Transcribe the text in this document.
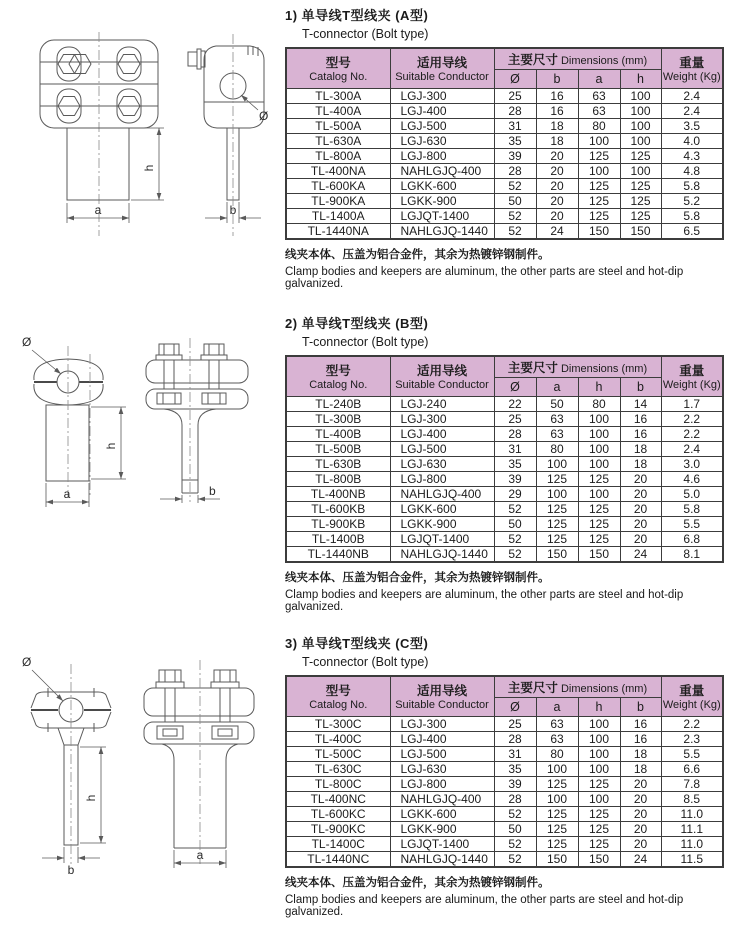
a
h
Ø
b
1) 单导线T型线夹 (A型)
T-connector (Bolt type)
型号
Catalog No.	适用导线
Suitable Conductor	主要尺寸 Dimensions (mm)				重量
Weight (Kg)
		Ø	b	a	h	
TL-300A	LGJ-300	25	16	63	100	2.4
TL-400A	LGJ-400	28	16	63	100	2.4
TL-500A	LGJ-500	31	18	80	100	3.5
TL-630A	LGJ-630	35	18	100	100	4.0
TL-800A	LGJ-800	39	20	125	125	4.3
TL-400NA	NAHLGJQ-400	28	20	100	100	4.8
TL-600KA	LGKK-600	52	20	125	125	5.8
TL-900KA	LGKK-900	50	20	125	125	5.2
TL-1400A	LGJQT-1400	52	20	125	125	5.8
TL-1440NA	NAHLGJQ-1440	52	24	150	150	6.5
线夹本体、压盖为铝合金件，其余为热镀锌钢制件。
Clamp bodies and keepers are aluminum, the other parts are steel and hot-dip galvanized.
Ø
h
a	b
2) 单导线T型线夹 (B型)
T-connector (Bolt type)
型号
Catalog No.	适用导线
Suitable Conductor	主要尺寸 Dimensions (mm)				重量
Weight (Kg)
		Ø	a	h	b	
TL-240B	LGJ-240	22	50	80	14	1.7
TL-300B	LGJ-300	25	63	100	16	2.2
TL-400B	LGJ-400	28	63	100	16	2.2
TL-500B	LGJ-500	31	80	100	18	2.4
TL-630B	LGJ-630	35	100	100	18	3.0
TL-800B	LGJ-800	39	125	125	20	4.6
TL-400NB	NAHLGJQ-400	29	100	100	20	5.0
TL-600KB	LGKK-600	52	125	125	20	5.8
TL-900KB	LGKK-900	50	125	125	20	5.5
TL-1400B	LGJQT-1400	52	125	125	20	6.8
TL-1440NB	NAHLGJQ-1440	52	150	150	24	8.1
线夹本体、压盖为铝合金件，其余为热镀锌钢制件。
Clamp bodies and keepers are aluminum, the other parts are steel and hot-dip galvanized.
Ø
h
b
a
3) 单导线T型线夹 (C型)
T-connector (Bolt type)
型号
Catalog No.	适用导线
Suitable Conductor	主要尺寸 Dimensions (mm)				重量
Weight (Kg)
		Ø	a	h	b	
TL-300C	LGJ-300	25	63	100	16	2.2
TL-400C	LGJ-400	28	63	100	16	2.3
TL-500C	LGJ-500	31	80	100	18	5.5
TL-630C	LGJ-630	35	100	100	18	6.6
TL-800C	LGJ-800	39	125	125	20	7.8
TL-400NC	NAHLGJQ-400	28	100	100	20	8.5
TL-600KC	LGKK-600	52	125	125	20	11.0
TL-900KC	LGKK-900	50	125	125	20	11.1
TL-1400C	LGJQT-1400	52	125	125	20	11.0
TL-1440NC	NAHLGJQ-1440	52	150	150	24	11.5
线夹本体、压盖为铝合金件，其余为热镀锌钢制件。
Clamp bodies and keepers are aluminum, the other parts are steel and hot-dip galvanized.
